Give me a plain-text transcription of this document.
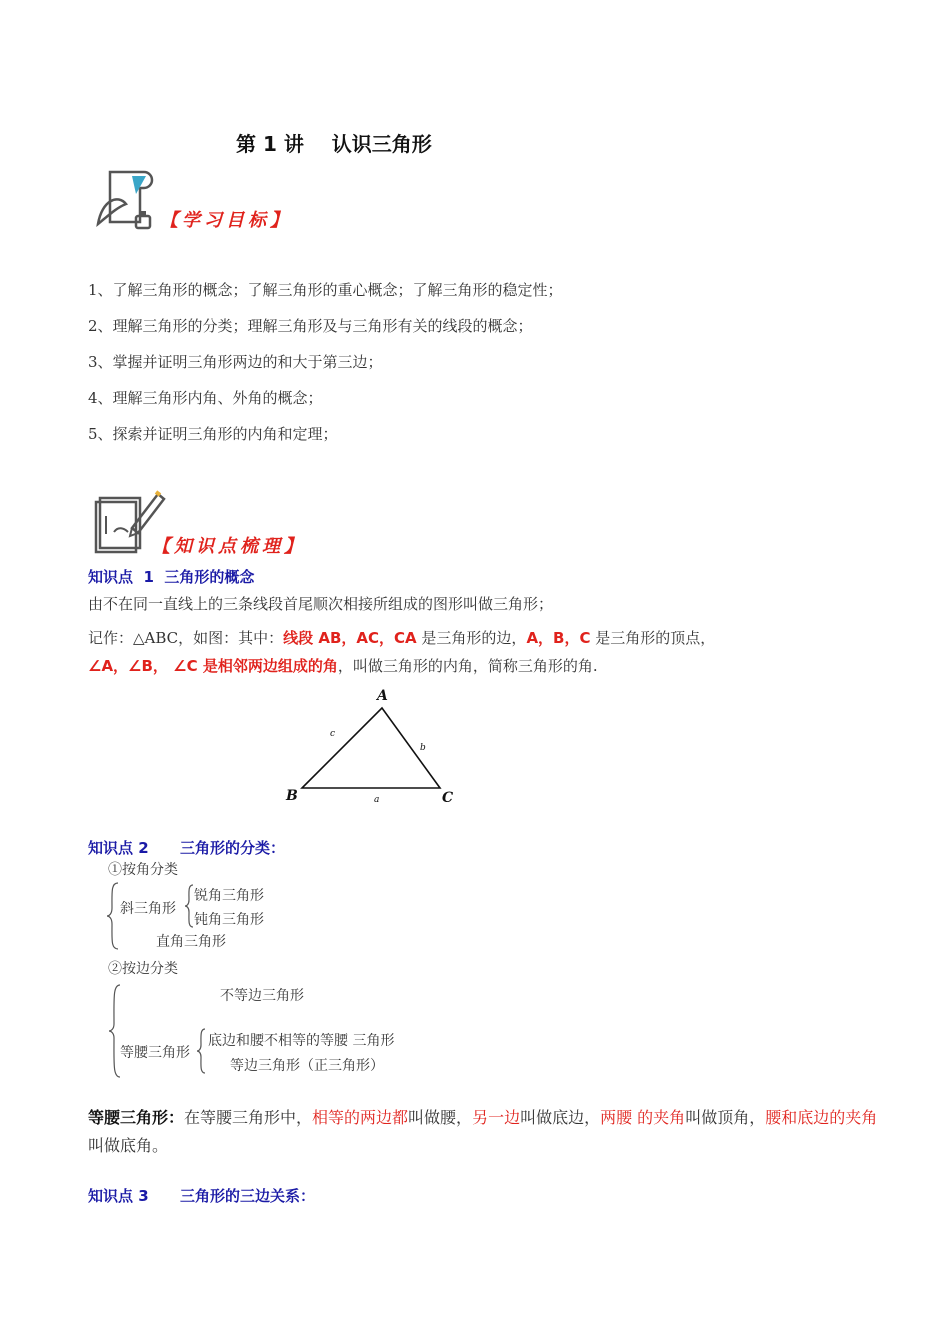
第 1 讲    认识三角形
【学习目标】
1、了解三角形的概念；了解三角形的重心概念；了解三角形的稳定性；
2、理解三角形的分类；理解三角形及与三角形有关的线段的概念；
3、掌握并证明三角形两边的和大于第三边；
4、理解三角形内角、外角的概念；
5、探索并证明三角形的内角和定理；
【知识点梳理】
知识点  1  三角形的概念
由不在同一直线上的三条线段首尾顺次相接所组成的图形叫做三角形；
记作：△ABC，如图：其中：线段 AB，AC，CA 是三角形的边，A，B，C 是三角形的顶点，
∠A，∠B， ∠C 是相邻两边组成的角，叫做三角形的内角，简称三角形的角.
A
B	C
c
b
a
知识点 2      三角形的分类：
①按角分类
斜三角形
锐角三角形
钝角三角形
直角三角形
②按边分类
不等边三角形
等腰三角形
底边和腰不相等的等腰 三角形
等边三角形（正三角形）
等腰三角形：在等腰三角形中，相等的两边都叫做腰，另一边叫做底边，两腰 的夹角叫做顶角，腰和底边的夹角叫做底角。
知识点 3      三角形的三边关系：
